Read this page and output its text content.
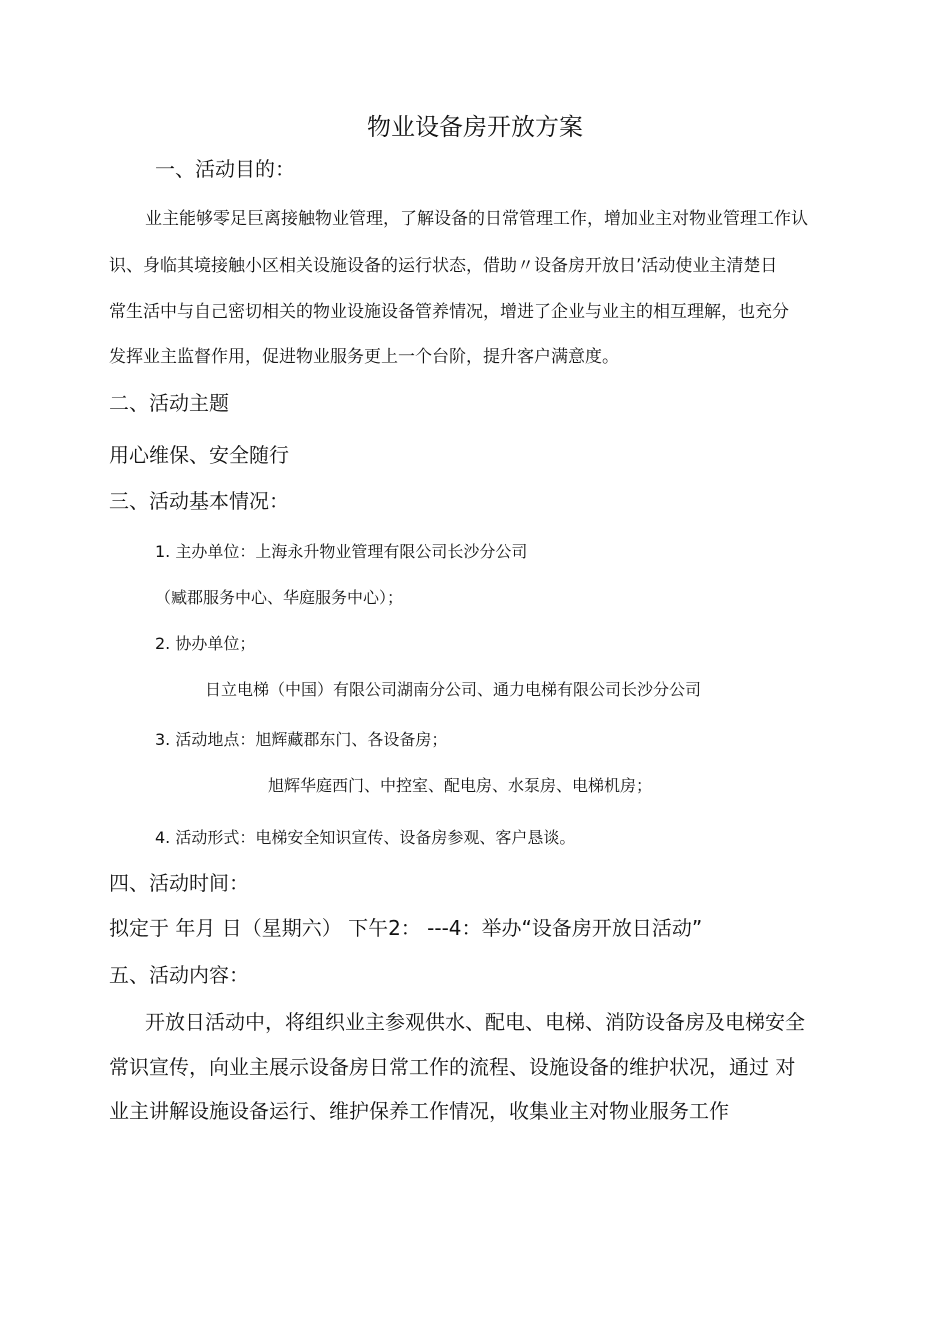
物业设备房开放方案
一、活动目的：
业主能够零足巨离接触物业管理，了解设备的日常管理工作，增加业主对物业管理工作认
识、身临其境接触小区相关设施设备的运行状态，借助〃设备房开放日’活动使业主清楚日
常生活中与自己密切相关的物业设施设备管养情况，增进了企业与业主的相互理解，也充分
发挥业主监督作用，促进物业服务更上一个台阶，提升客户满意度。
二、活动主题
用心维保、安全随行
三、活动基本情况：
1. 主办单位：上海永升物业管理有限公司长沙分公司
（臧郡服务中心、华庭服务中心）；
2. 协办单位；
日立电梯（中国）有限公司湖南分公司、通力电梯有限公司长沙分公司
3. 活动地点：旭辉藏郡东门、各设备房；
旭辉华庭西门、中控室、配电房、水泵房、电梯机房；
4. 活动形式：电梯安全知识宣传、设备房参观、客户恳谈。
四、活动时间：
拟定于 年月 日（星期六） 下午2： ---4：举办“设备房开放日活动”
五、活动内容：
开放日活动中，将组织业主参观供水、配电、电梯、消防设备房及电梯安全
常识宣传，向业主展示设备房日常工作的流程、设施设备的维护状况，通过 对
业主讲解设施设备运行、维护保养工作情况，收集业主对物业服务工作
